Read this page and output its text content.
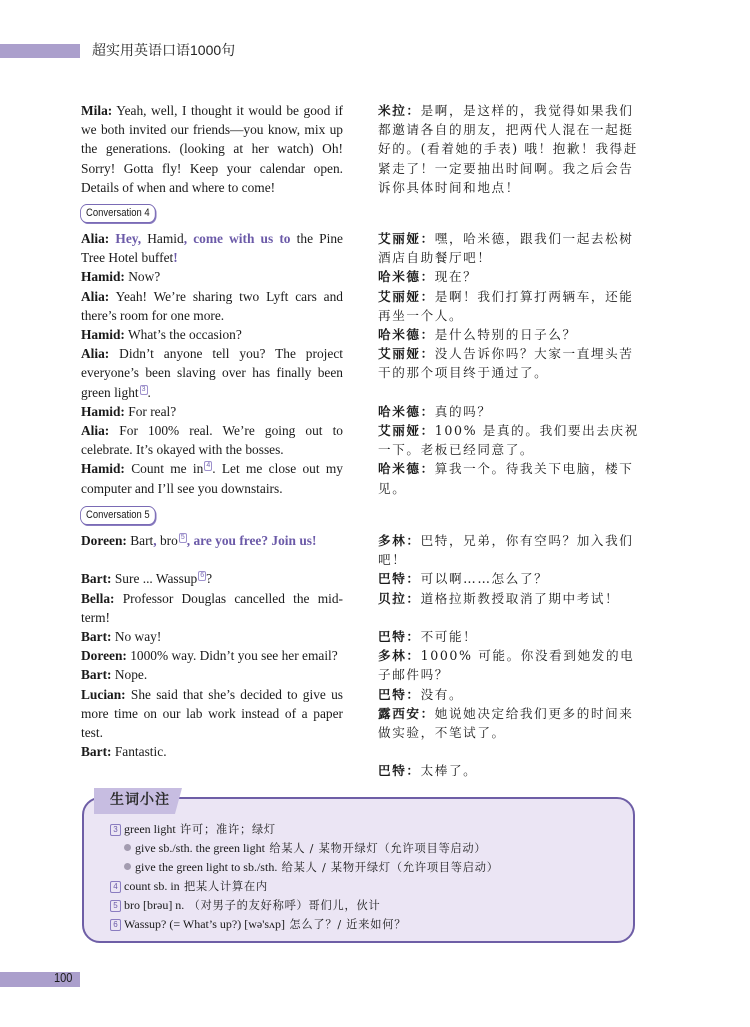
超实用英语口语1000句
Mila: Yeah, well, I thought it would be good if we both invited our friends—you know, mix up the generations. (looking at her watch) Oh! Sorry! Gotta fly! Keep your calendar open. Details of when and where to come!
米拉：是啊，是这样的，我觉得如果我们都邀请各自的朋友，把两代人混在一起挺好的。(看着她的手表) 哦！抱歉！我得赶紧走了！一定要抽出时间啊。我之后会告诉你具体时间和地点！
Conversation 4
Alia: Hey, Hamid, come with us to the Pine Tree Hotel buffet!
Hamid: Now?
Alia: Yeah! We’re sharing two Lyft cars and there’s room for one more.
Hamid: What’s the occasion?
Alia: Didn’t anyone tell you? The project everyone’s been slaving over has finally been green light 3 .
Hamid: For real?
Alia: For 100% real. We’re going out to celebrate. It’s okayed with the bosses.
Hamid: Count me in 4 . Let me close out my computer and I’ll see you downstairs.
艾丽娅：嘿，哈米德，跟我们一起去松树酒店自助餐厅吧！
哈米德：现在？
艾丽娅：是啊！我们打算打两辆车，还能再坐一个人。
哈米德：是什么特别的日子么？
艾丽娅：没人告诉你吗？大家一直埋头苦干的那个项目终于通过了。
哈米德：真的吗？
艾丽娅：100% 是真的。我们要出去庆祝一下。老板已经同意了。
哈米德：算我一个。待我关下电脑，楼下见。
Conversation 5
Doreen: Bart, bro 5 , are you free? Join us!
Bart: Sure ... Wassup 6 ?
Bella: Professor Douglas cancelled the mid-term!
Bart: No way!
Doreen: 1000% way. Didn’t you see her email?
Bart: Nope.
Lucian: She said that she’s decided to give us more time on our lab work instead of a paper test.
Bart: Fantastic.
多林：巴特，兄弟，你有空吗？加入我们吧！
巴特：可以啊……怎么了？
贝拉：道格拉斯教授取消了期中考试！
巴特：不可能！
多林：1000% 可能。你没看到她发的电子邮件吗？
巴特：没有。
露西安：她说她决定给我们更多的时间来做实验，不笔试了。
巴特：太棒了。
生词小注
3 green light 许可；准许；绿灯
give sb./sth. the green light 给某人 / 某物开绿灯（允许项目等启动）
give the green light to sb./sth. 给某人 / 某物开绿灯（允许项目等启动）
4 count sb. in 把某人计算在内
5 bro [brəu] n. （对男子的友好称呼）哥们儿，伙计
6 Wassup? (= What’s up?) [wə'sʌp] 怎么了？/ 近来如何？
100
